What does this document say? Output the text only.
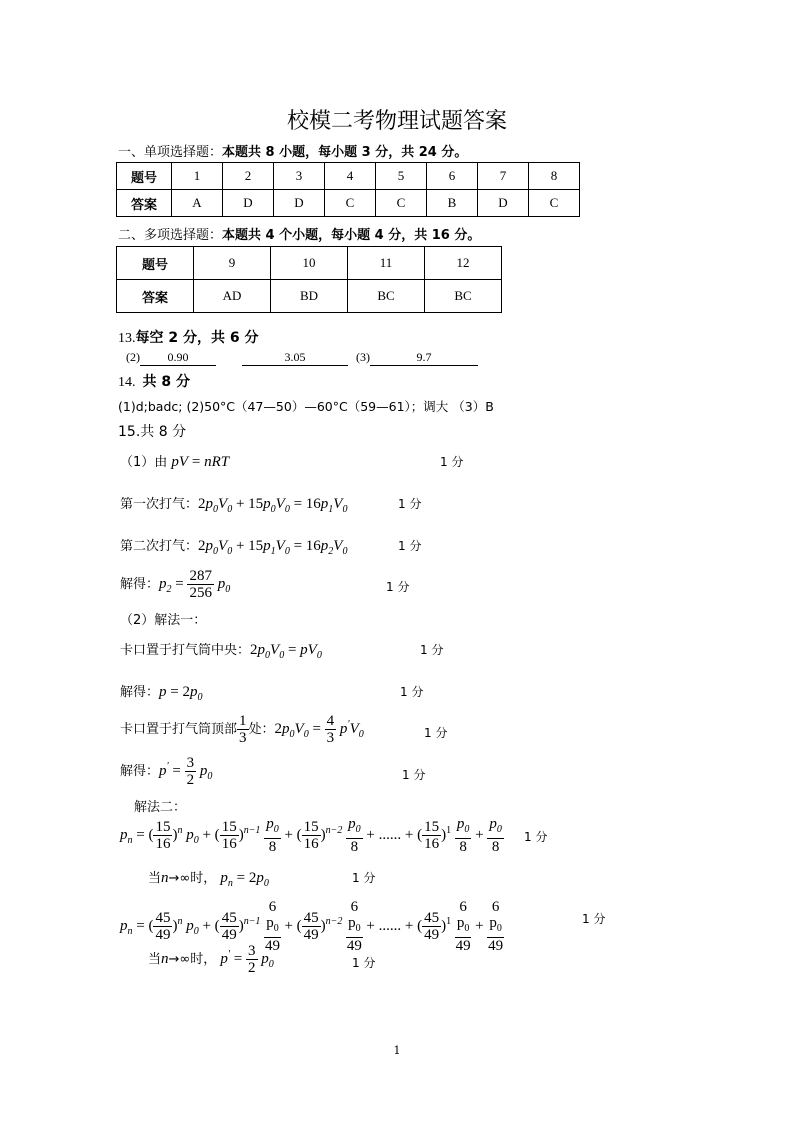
校模二考物理试题答案
一、单项选择题：本题共 8 小题，每小题 3 分，共 24 分。
题号	1	2	3	4	5	6	7	8
答案	A	D	D	C	C	B	D	C
二、多项选择题：本题共 4 个小题，每小题 4 分，共 16 分。
题号	9	10	11	12
答案	AD	BD	BC	BC
13.每空 2 分，共 6 分
(2) 0.90	3.05	(3)	9.7
14. 共 8 分
(1)d;badc; (2)50°C（47—50）—60°C（59—61）；调大 （3）B
15.共 8 分
（1）由 pV = nRT	1 分
第一次打气：$2p_0V_0 + 15p_0V_0 = 16p_1V_0$	1 分
第二次打气：$2p_0V_0 + 15p_1V_0 = 16p_2V_0$	1 分
解得：$p_2 = \frac{287}{256} p_0$	1 分
（2）解法一：
卡口置于打气筒中央：$2p_0V_0 = pV_0$	1 分
解得：$p = 2p_0$	1 分
卡口置于打气筒顶部 $\frac{1}{3}$ 处：$2p_0V_0 = \frac{4}{3} p'V_0$	1 分
解得：$p' = \frac{3}{2} p_0$	1 分
解法二：
$p_n$ = ( $\frac{15}{16} )^n$ $p_0$ + ( $\frac{15}{16} )^{n-1} \frac{p_0}{8}$ + ( $\frac{15}{16} )^{n-2} \frac{p_0}{8}$ + ...... + ( $\frac{15}{16} )^1 \frac{p_0}{8} + \frac{p_0}{8} 1$ 分
当n→∞时， $p_n = 2p_0$	1 分
$p_n$ = ( $\frac{45}{49} )^n$ $p_0$ + ( $\frac{45}{49} )^{n-1}$ 6
$p_0$
49 + ( $\frac{45}{49} )^{n-2}$ 6
$p_0$
49 + ...... + ( $\frac{45}{49} )^1$ 6
$p_0$
49 + 6
$p_0$
49	1 分
当n→∞时， $p' = \frac{3}{2} p_0$	1 分
1
